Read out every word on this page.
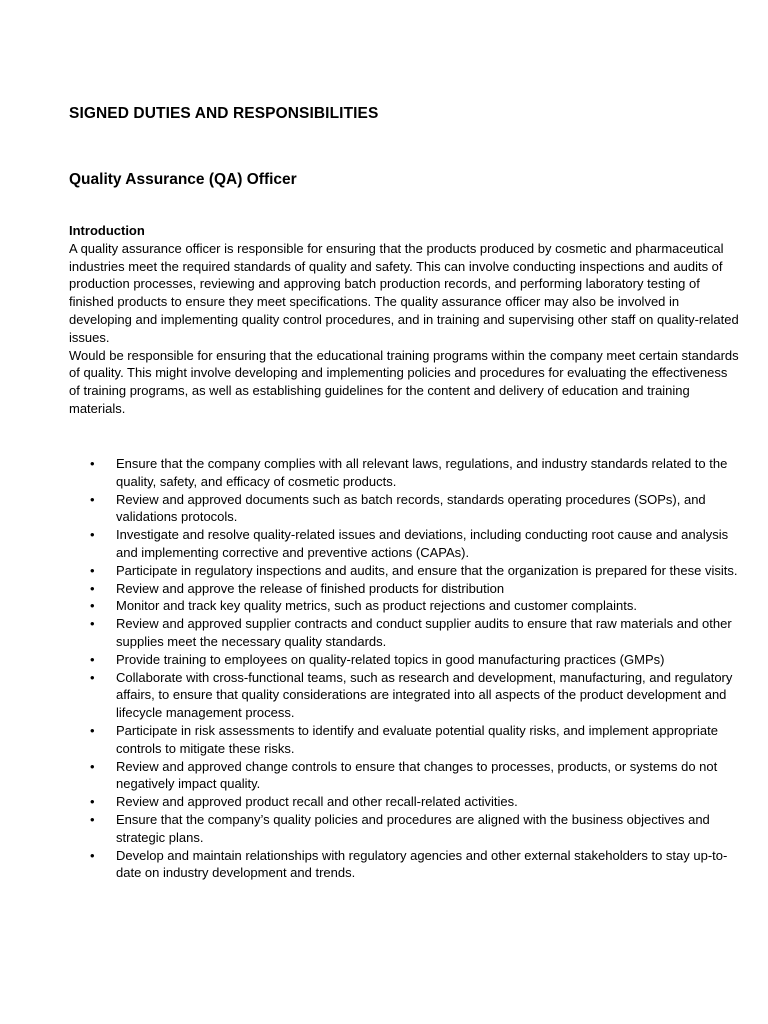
SIGNED DUTIES AND RESPONSIBILITIES
Quality Assurance (QA) Officer
Introduction

A quality assurance officer is responsible for ensuring that the products produced by cosmetic and pharmaceutical industries meet the required standards of quality and safety. This can involve conducting inspections and audits of production processes, reviewing and approving batch production records, and performing laboratory testing of finished products to ensure they meet specifications. The quality assurance officer may also be involved in developing and implementing quality control procedures, and in training and supervising other staff on quality-related issues.

Would be responsible for ensuring that the educational training programs within the company meet certain standards of quality. This might involve developing and implementing policies and procedures for evaluating the effectiveness of training programs, as well as establishing guidelines for the content and delivery of education and training materials.

• Ensure that the company complies with all relevant laws, regulations, and industry standards related to the quality, safety, and efficacy of cosmetic products.
• Review and approved documents such as batch records, standards operating procedures (SOPs), and validations protocols.
• Investigate and resolve quality-related issues and deviations, including conducting root cause and analysis and implementing corrective and preventive actions (CAPAs).
• Participate in regulatory inspections and audits, and ensure that the organization is prepared for these visits.
• Review and approve the release of finished products for distribution
• Monitor and track key quality metrics, such as product rejections and customer complaints.
• Review and approved supplier contracts and conduct supplier audits to ensure that raw materials and other supplies meet the necessary quality standards.
• Provide training to employees on quality-related topics in good manufacturing practices (GMPs)
• Collaborate with cross-functional teams, such as research and development, manufacturing, and regulatory affairs, to ensure that quality considerations are integrated into all aspects of the product development and lifecycle management process.
• Participate in risk assessments to identify and evaluate potential quality risks, and implement appropriate controls to mitigate these risks.
• Review and approved change controls to ensure that changes to processes, products, or systems do not negatively impact quality.
• Review and approved product recall and other recall-related activities.
• Ensure that the company’s quality policies and procedures are aligned with the business objectives and strategic plans.
• Develop and maintain relationships with regulatory agencies and other external stakeholders to stay up-to-date on industry development and trends.
